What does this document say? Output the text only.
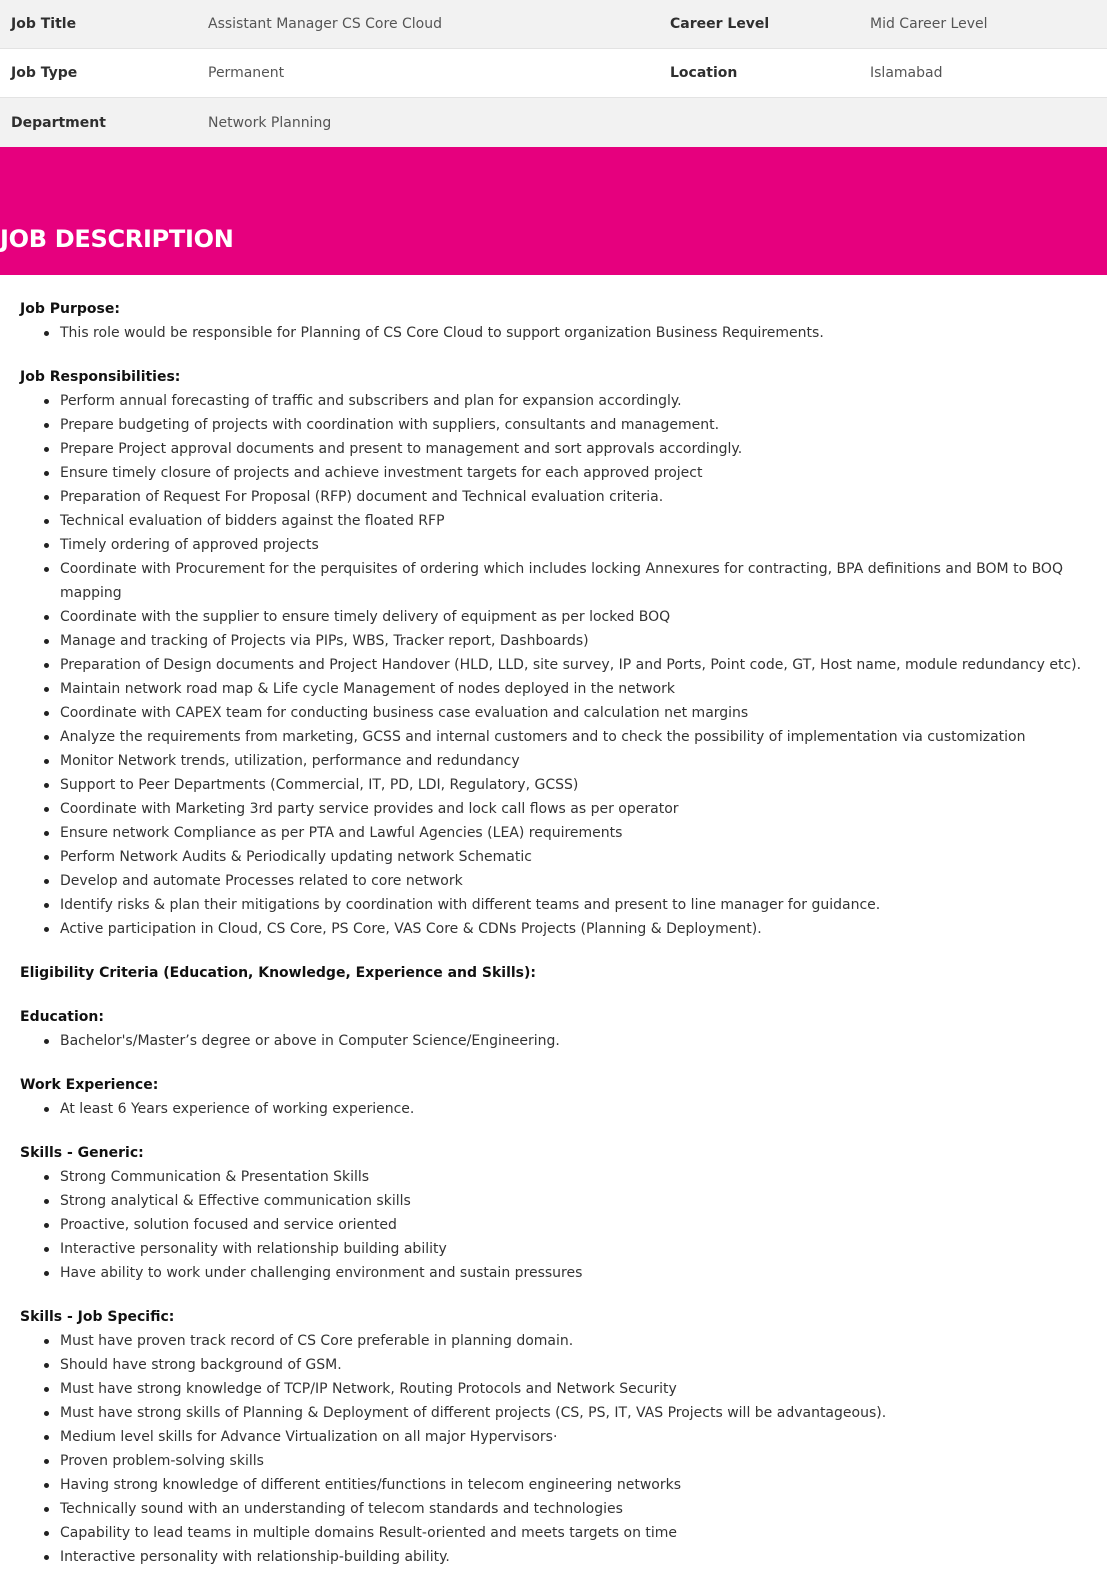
Job Title	Assistant Manager CS Core Cloud	Career Level	Mid Career Level
Job Type	Permanent	Location	Islamabad
Department	Network Planning
JOB DESCRIPTION

Job Purpose:

This role would be responsible for Planning of CS Core Cloud to support organization Business Requirements.

Job Responsibilities:

Perform annual forecasting of traffic and subscribers and plan for expansion accordingly.
Prepare budgeting of projects with coordination with suppliers, consultants and management.
Prepare Project approval documents and present to management and sort approvals accordingly.
Ensure timely closure of projects and achieve investment targets for each approved project
Preparation of Request For Proposal (RFP) document and Technical evaluation criteria.
Technical evaluation of bidders against the floated RFP
Timely ordering of approved projects
Coordinate with Procurement for the perquisites of ordering which includes locking Annexures for contracting, BPA definitions and BOM to BOQ mapping
Coordinate with the supplier to ensure timely delivery of equipment as per locked BOQ
Manage and tracking of Projects via PIPs, WBS, Tracker report, Dashboards)
Preparation of Design documents and Project Handover (HLD, LLD, site survey, IP and Ports, Point code, GT, Host name, module redundancy etc).
Maintain network road map & Life cycle Management of nodes deployed in the network
Coordinate with CAPEX team for conducting business case evaluation and calculation net margins
Analyze the requirements from marketing, GCSS and internal customers and to check the possibility of implementation via customization
Monitor Network trends, utilization, performance and redundancy
Support to Peer Departments (Commercial, IT, PD, LDI, Regulatory, GCSS)
Coordinate with Marketing 3rd party service provides and lock call flows as per operator
Ensure network Compliance as per PTA and Lawful Agencies (LEA) requirements
Perform Network Audits & Periodically updating network Schematic
Develop and automate Processes related to core network
Identify risks & plan their mitigations by coordination with different teams and present to line manager for guidance.
Active participation in Cloud, CS Core, PS Core, VAS Core & CDNs Projects (Planning & Deployment).

Eligibility Criteria (Education, Knowledge, Experience and Skills):

Education:

Bachelor's/Master’s degree or above in Computer Science/Engineering.

Work Experience:

At least 6 Years experience of working experience.

Skills - Generic:

Strong Communication & Presentation Skills
Strong analytical & Effective communication skills
Proactive, solution focused and service oriented
Interactive personality with relationship building ability
Have ability to work under challenging environment and sustain pressures

Skills - Job Specific:

Must have proven track record of CS Core preferable in planning domain.
Should have strong background of GSM.
Must have strong knowledge of TCP/IP Network, Routing Protocols and Network Security
Must have strong skills of Planning & Deployment of different projects (CS, PS, IT, VAS Projects will be advantageous).
Medium level skills for Advance Virtualization on all major Hypervisors·
Proven problem-solving skills
Having strong knowledge of different entities/functions in telecom engineering networks
Technically sound with an understanding of telecom standards and technologies
Capability to lead teams in multiple domains Result-oriented and meets targets on time
Interactive personality with relationship-building ability.
